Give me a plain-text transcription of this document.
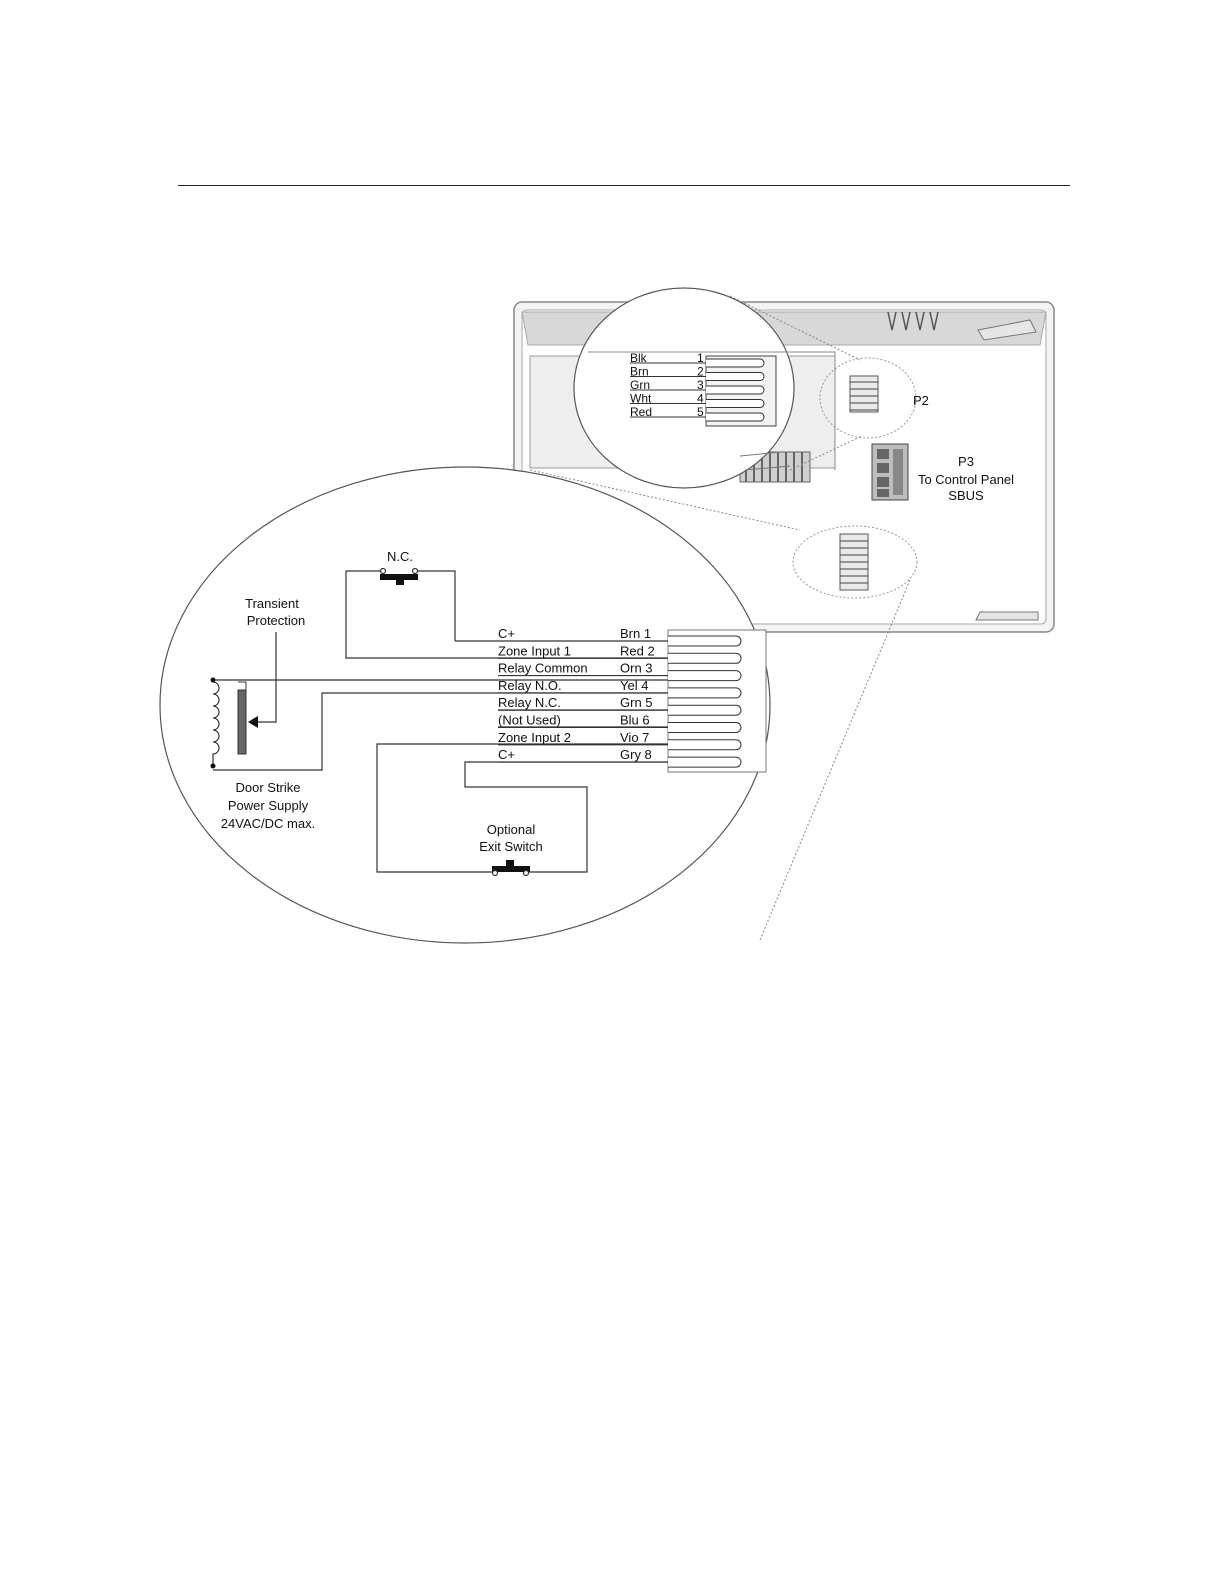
Blk	1
Brn	2
Grn	3
Wht	4
Red	5
C+	Brn 1
Zone Input 1	Red 2
Relay Common Orn 3
Relay N.O.	Yel 4
Relay N.C.	Grn 5
(Not Used)	Blu 6
Zone Input 2	Vio 7
C+	Gry 8
P2
P3
To Control Panel
SBUS
N.C.
Transient
Protection
Door Strike
Power Supply
24VAC/DC max.	Optional
Exit Switch
